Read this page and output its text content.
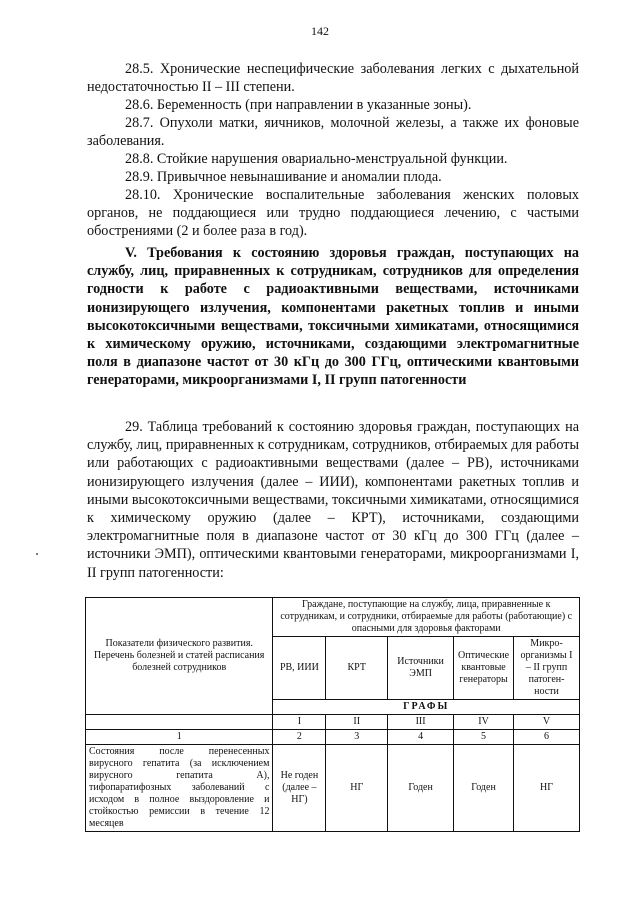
142

28.5. Хронические неспецифические заболевания легких с дыхательной недостаточностью II – III степени.

28.6. Беременность (при направлении в указанные зоны).

28.7. Опухоли матки, яичников, молочной железы, а также их фоновые заболевания.

28.8. Стойкие нарушения овариально-менструальной функции.

28.9. Привычное невынашивание и аномалии плода.

28.10. Хронические воспалительные заболевания женских половых органов, не поддающиеся или трудно поддающиеся лечению, с частыми обострениями (2 и более раза в год).

V. Требования к состоянию здоровья граждан, поступающих на службу, лиц, приравненных к сотрудникам, сотрудников для определения годности к работе с радиоактивными веществами, источниками ионизирующего излучения, компонентами ракетных топлив и иными высокотоксичными веществами, токсичными химикатами, относящимися к химическому оружию, источниками, создающими электромагнитные поля в диапазоне частот от 30 кГц до 300 ГГц, оптическими квантовыми генераторами, микроорганизмами I, II групп патогенности

29. Таблица требований к состоянию здоровья граждан, поступающих на службу, лиц, приравненных к сотрудникам, сотрудников, отбираемых для работы или работающих с радиоактивными веществами (далее – РВ), источниками ионизирующего излучения (далее – ИИИ), компонентами ракетных топлив и иными высокотоксичными веществами, токсичными химикатами, относящимися к химическому оружию (далее – КРТ), источниками, создающими электромагнитные поля в диапазоне частот от 30 кГц до 300 ГГц (далее – источники ЭМП), оптическими квантовыми генераторами, микроорганизмами I, II групп патогенности:

Показатели физического развития. Перечень болезней и статей расписания болезней сотрудников	Граждане, поступающие на службу, лица, приравненные к сотрудникам, и сотрудники, отбираемые для работы (работающие) с опасными для здоровья факторами				
	РВ, ИИИ	КРТ	Источники ЭМП	Оптические квантовые генераторы	Микро-организмы I – II групп патоген-ности
	ГРАФЫ				
	I	II	III	IV	V
1	2	3	4	5	6
Состояния после перенесенных вирусного гепатита (за исключением вирусного гепатита А), тифопаратифозных заболеваний с исходом в полное выздоровление и стойкостью ремиссии в течение 12 месяцев	Не годен (далее – НГ)	НГ	Годен	Годен	НГ
